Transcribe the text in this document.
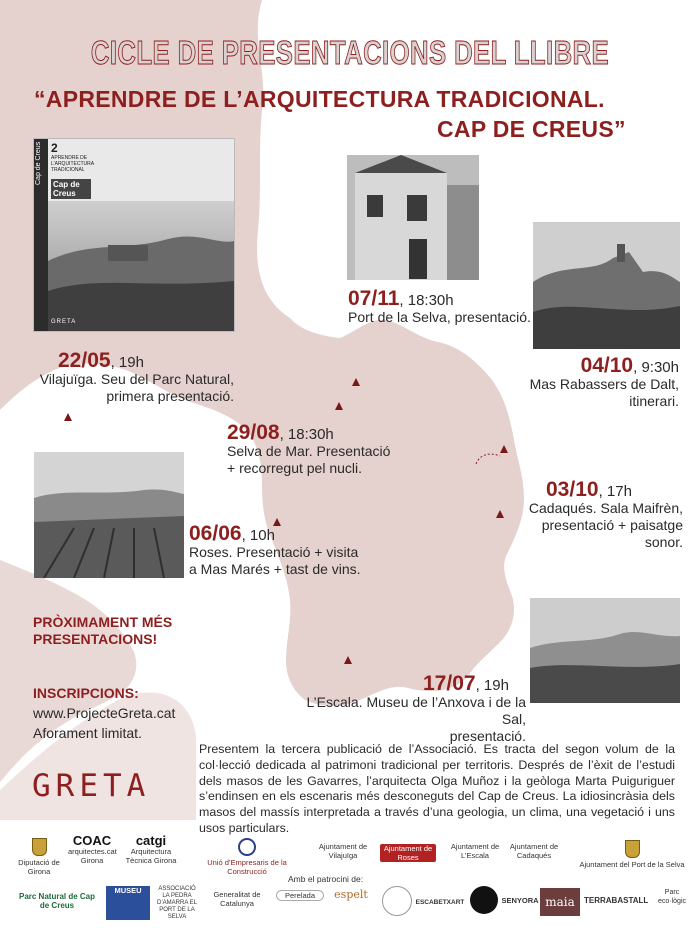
CICLE DE PRESENTACIONS DEL LLIBRE
“APRENDRE DE L’ARQUITECTURA TRADICIONAL.
CAP DE CREUS”
Cap de Creus 2
APRENDRE DE L’ARQUITECTURA TRADICIONAL
Cap de Creus
GRETA
07/11, 18:30h
Port de la Selva, presentació.
04/10, 9:30h
Mas Rabassers de Dalt,
itinerari.
22/05, 19h
Vilajuïga. Seu del Parc Natural,
primera presentació.
29/08, 18:30h
Selva de Mar. Presentació
+ recorregut pel nucli.
03/10, 17h
Cadaqués. Sala Maifrèn,
presentació + paisatge
sonor.
06/06, 10h
Roses. Presentació + visita
a Mas Marés + tast de vins.
17/07, 19h
L’Escala. Museu de l’Anxova i de la Sal,
presentació.
PRÒXIMAMENT MÉS
PRESENTACIONS!
INSCRIPCIONS:
www.ProjecteGreta.cat
Aforament limitat.
GRETA
Presentem la tercera publicació de l’Associació. Es tracta del segon volum de la col·lecció dedicada al patrimoni tradicional per territoris. Després de l’èxit de l’estudi dels masos de les Gavarres, l’arquitecta Olga Muñoz i la geòloga Marta Puiguriguer s’endinsen en els escenaris més desconeguts del Cap de Creus. La idiosincràsia dels masos del massís interpretada a través d’una geologia, un clima, una vegetació i uns usos particulars.

Diputació de Girona
COAC
arquitectes.cat Girona
catgi
Arquitectura Tècnica Girona	Unió d’Empresaris de la Construcció
Ajuntament de Vilajuïga
Ajuntament de Roses
Ajuntament de L’Escala
Ajuntament de Cadaqués

Ajuntament del Port de la Selva
Amb el patrocini de:
Parc Natural de Cap de Creus
MUSEU	ASSOCIACIÓ LA PEDRA D’AMARRA EL PORT DE LA SELVA
Generalitat de Catalunya
Perelada	espelt
ESCABETXART	SENYORA maia	TERRABASTALL
Parc eco·lògic
